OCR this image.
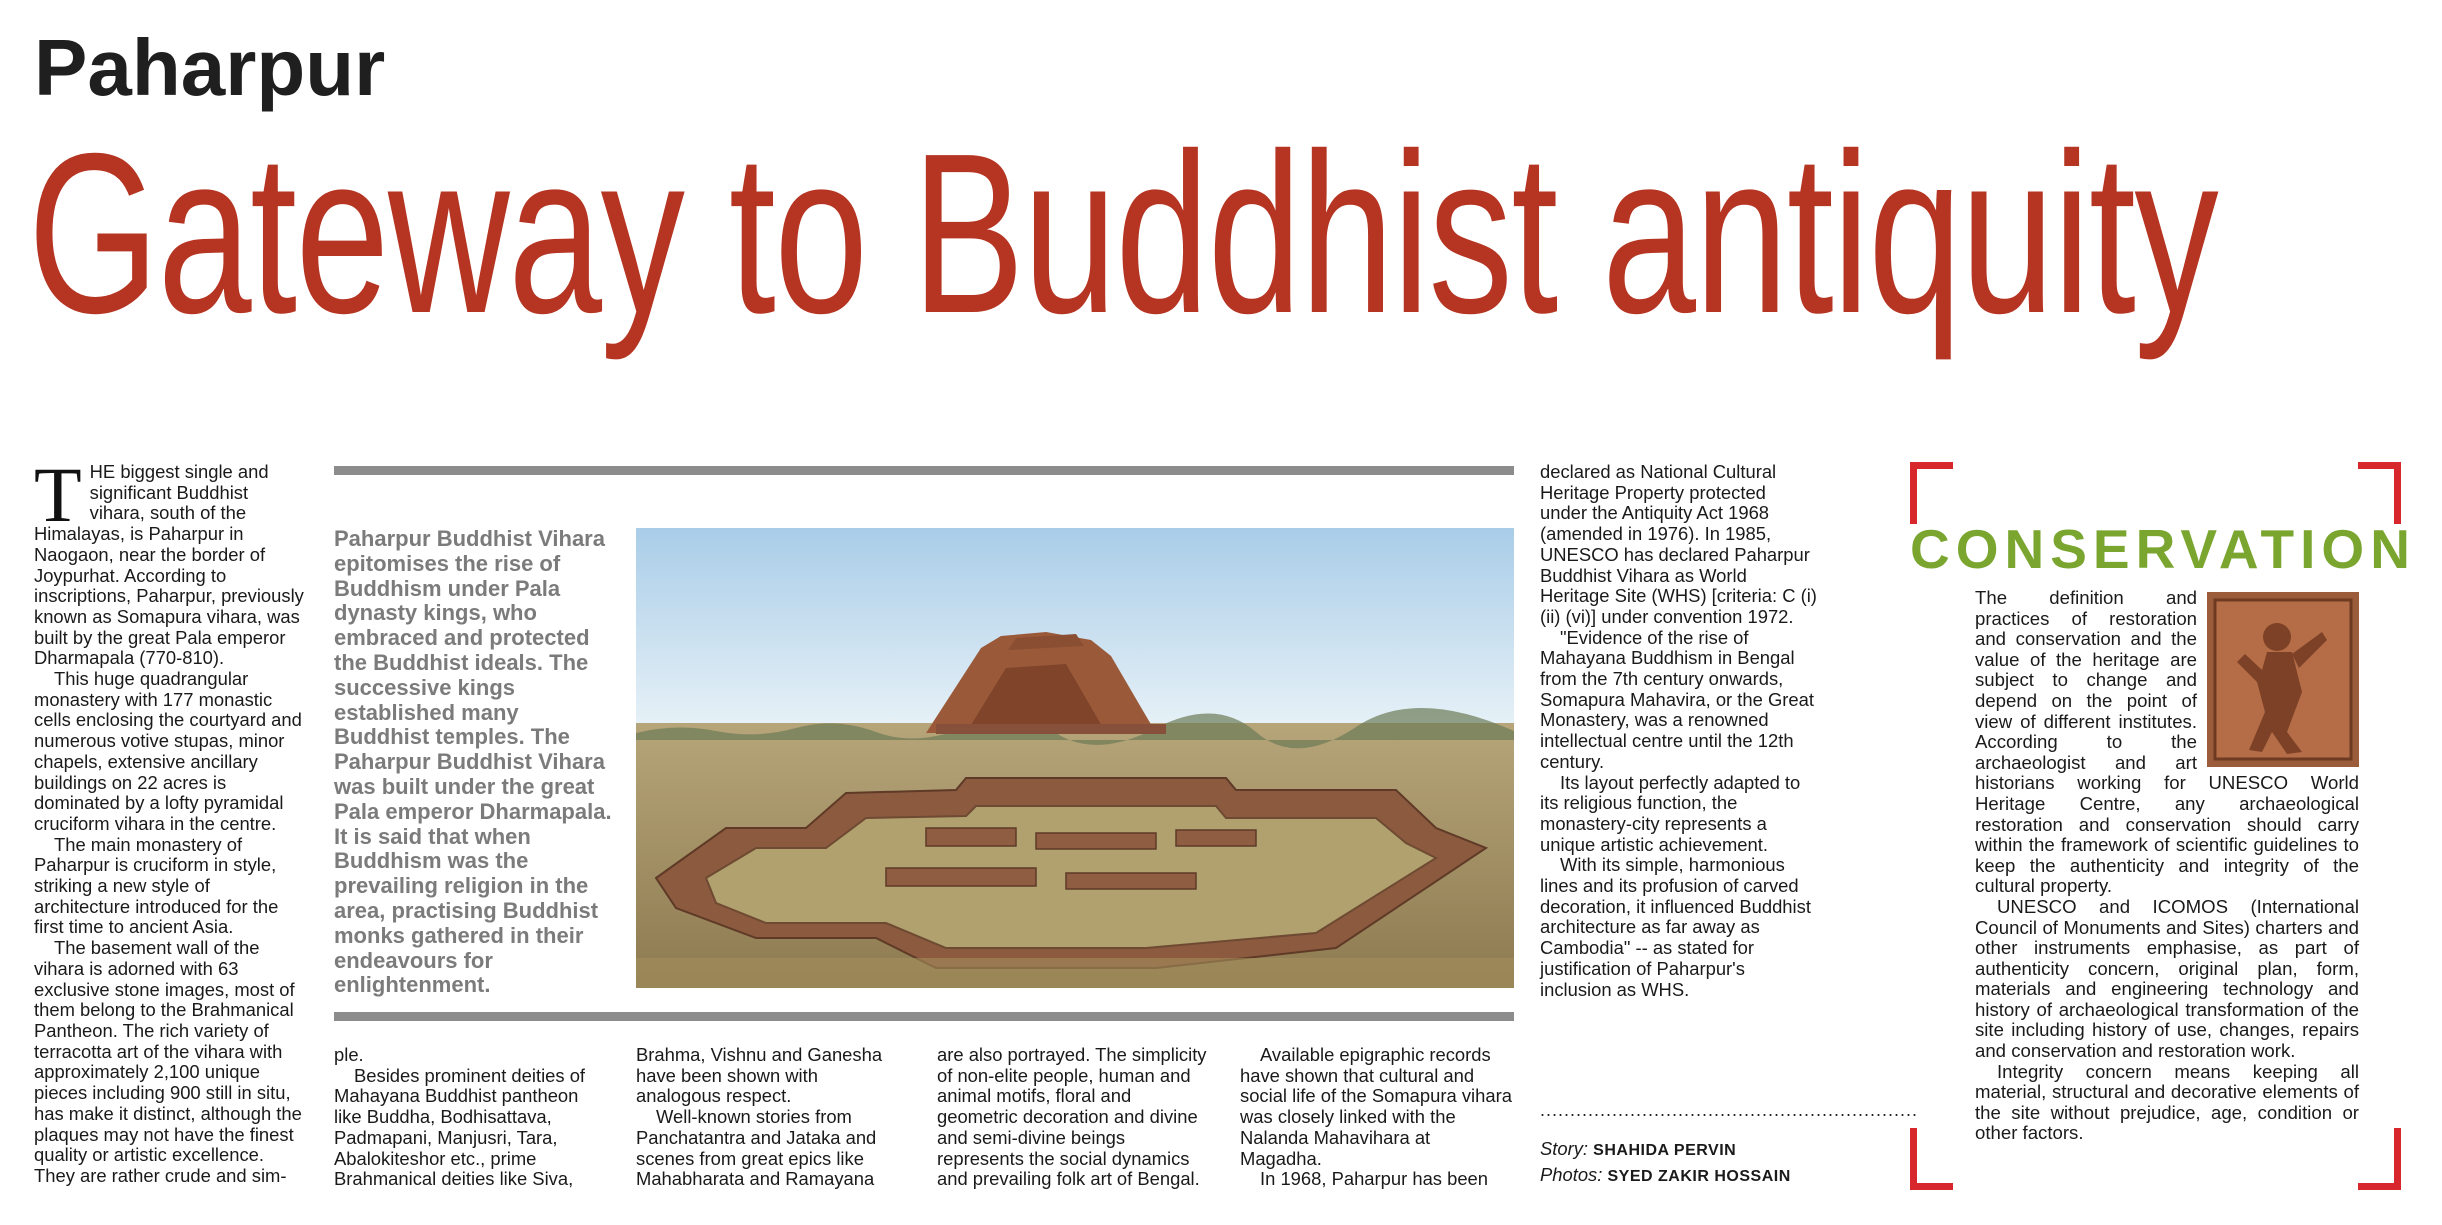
Paharpur
Gateway to Buddhist antiquity

THE biggest single and significant Buddhist vihara, south of the Himalayas, is Paharpur in Naogaon, near the border of Joypurhat. According to inscriptions, Paharpur, previously known as Somapura vihara, was built by the great Pala emperor Dharmapala (770-810).

This huge quadrangular monastery with 177 monastic cells enclosing the courtyard and numerous votive stupas, minor chapels, extensive ancillary buildings on 22 acres is dominated by a lofty pyramidal cruciform vihara in the centre.

The main monastery of Paharpur is cruciform in style, striking a new style of architecture introduced for the first time to ancient Asia.

The basement wall of the vihara is adorned with 63 exclusive stone images, most of them belong to the Brahmanical Pantheon. The rich variety of terracotta art of the vihara with approximately 2,100 unique pieces including 900 still in situ, has make it distinct, although the plaques may not have the finest quality or artistic excellence. They are rather crude and sim-

Paharpur Buddhist Vihara epitomises the rise of Buddhism under Pala dynasty kings, who embraced and protected the Buddhist ideals. The successive kings established many Buddhist temples. The Paharpur Buddhist Vihara was built under the great Pala emperor Dharmapala. It is said that when Buddhism was the prevailing religion in the area, practising Buddhist monks gathered in their endeavours for enlightenment.

ple.

Besides prominent deities of Mahayana Buddhist pantheon like Buddha, Bodhisattava, Padmapani, Manjusri, Tara, Abalokiteshor etc., prime Brahmanical deities like Siva,

Brahma, Vishnu and Ganesha have been shown with analogous respect.

Well-known stories from Panchatantra and Jataka and scenes from great epics like Mahabharata and Ramayana

are also portrayed. The simplicity of non-elite people, human and animal motifs, floral and geometric decoration and divine and semi-divine beings represents the social dynamics and prevailing folk art of Bengal.

Available epigraphic records have shown that cultural and social life of the Somapura vihara was closely linked with the Nalanda Mahavihara at Magadha.

In 1968, Paharpur has been

declared as National Cultural Heritage Property protected under the Antiquity Act 1968 (amended in 1976). In 1985, UNESCO has declared Paharpur Buddhist Vihara as World Heritage Site (WHS) [criteria: C (i) (ii) (vi)] under convention 1972.

"Evidence of the rise of Mahayana Buddhism in Bengal from the 7th century onwards, Somapura Mahavira, or the Great Monastery, was a renowned intellectual centre until the 12th century.

Its layout perfectly adapted to its religious function, the monastery-city represents a unique artistic achievement.

With its simple, harmonious lines and its profusion of carved decoration, it influenced Buddhist architecture as far away as Cambodia" -- as stated for justification of Paharpur's inclusion as WHS.

...............................................................
Story: SHAHIDA PERVIN
Photos: SYED ZAKIR HOSSAIN
CONSERVATION

The definition and practices of restoration and conservation and the value of the heritage are subject to change and depend on the point of view of different institutes. According to the archaeologist and art historians working for UNESCO World Heritage Centre, any archaeological restoration and conservation should carry within the framework of scientific guidelines to keep the authenticity and integrity of the cultural property.

UNESCO and ICOMOS (International Council of Monuments and Sites) charters and other instruments emphasise, as part of authenticity concern, original plan, form, materials and engineering technology and history of archaeological transformation of the site including history of use, changes, repairs and conservation and restoration work.

Integrity concern means keeping all material, structural and decorative elements of the site without prejudice, age, condition or other factors.
